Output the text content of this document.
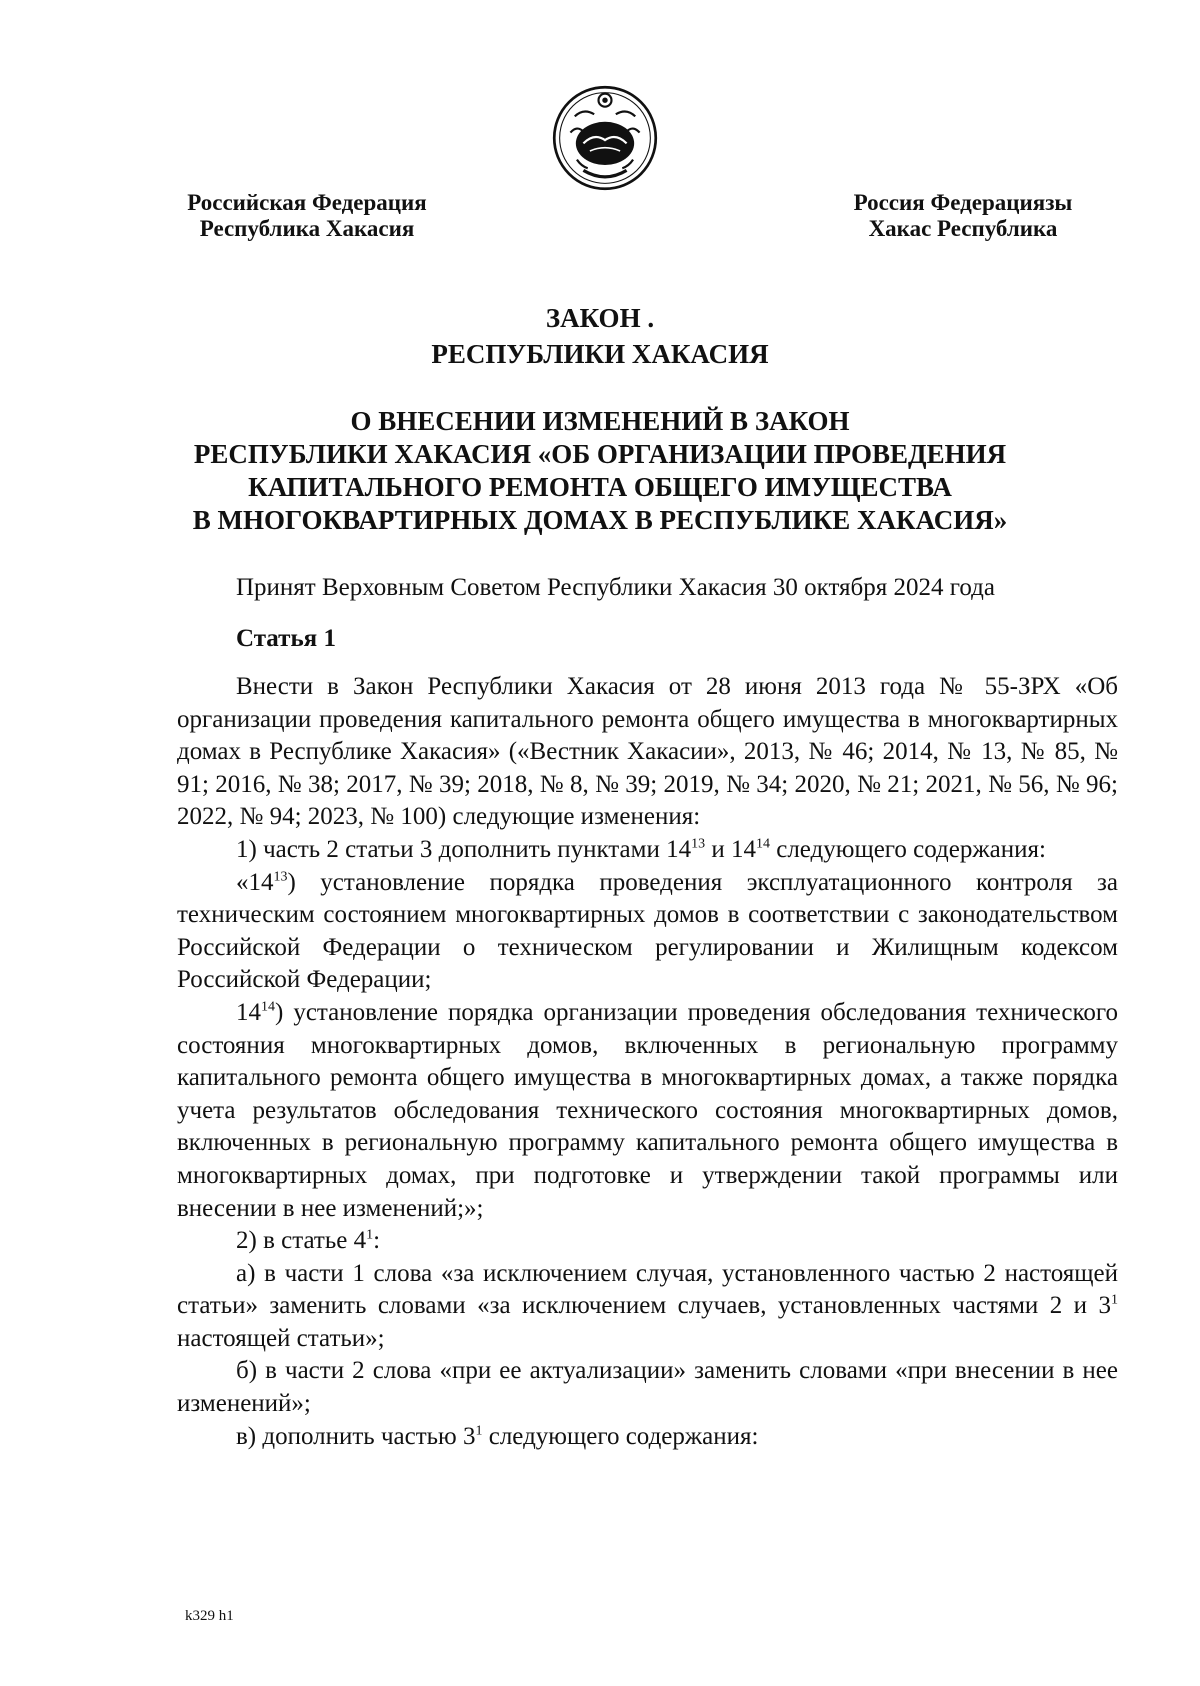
Российская Федерация
Республика Хакасия
Россия Федерациязы
Хакас Республика
ЗАКОН .
РЕСПУБЛИКИ ХАКАСИЯ
О ВНЕСЕНИИ ИЗМЕНЕНИЙ В ЗАКОН
РЕСПУБЛИКИ ХАКАСИЯ «ОБ ОРГАНИЗАЦИИ ПРОВЕДЕНИЯ
КАПИТАЛЬНОГО РЕМОНТА ОБЩЕГО ИМУЩЕСТВА
В МНОГОКВАРТИРНЫХ ДОМАХ В РЕСПУБЛИКЕ ХАКАСИЯ»
Принят Верховным Советом Республики Хакасия 30 октября 2024 года
Статья 1

Внести в Закон Республики Хакасия от 28 июня 2013 года № 55-ЗРХ «Об организации проведения капитального ремонта общего имущества в многоквартирных домах в Республике Хакасия» («Вестник Хакасии», 2013, № 46; 2014, № 13, № 85, № 91; 2016, № 38; 2017, № 39; 2018, № 8, № 39; 2019, № 34; 2020, № 21; 2021, № 56, № 96; 2022, № 94; 2023, № 100) следующие изменения:

1) часть 2 статьи 3 дополнить пунктами $14^{13}$ и $14^{14}$ следующего содержания:

«$14^{13}$) установление порядка проведения эксплуатационного контроля за техническим состоянием многоквартирных домов в соответствии с законодательством Российской Федерации о техническом регулировании и Жилищным кодексом Российской Федерации;

$14^{14}$) установление порядка организации проведения обследования технического состояния многоквартирных домов, включенных в региональную программу капитального ремонта общего имущества в многоквартирных домах, а также порядка учета результатов обследования технического состояния многоквартирных домов, включенных в региональную программу капитального ремонта общего имущества в многоквартирных домах, при подготовке и утверждении такой программы или внесении в нее изменений;»;

2) в статье $4^1$:

а) в части 1 слова «за исключением случая, установленного частью 2 настоящей статьи» заменить словами «за исключением случаев, установленных частями 2 и $3^1$ настоящей статьи»;

б) в части 2 слова «при ее актуализации» заменить словами «при внесении в нее изменений»;

в) дополнить частью $3^1$ следующего содержания:

k329 h1
